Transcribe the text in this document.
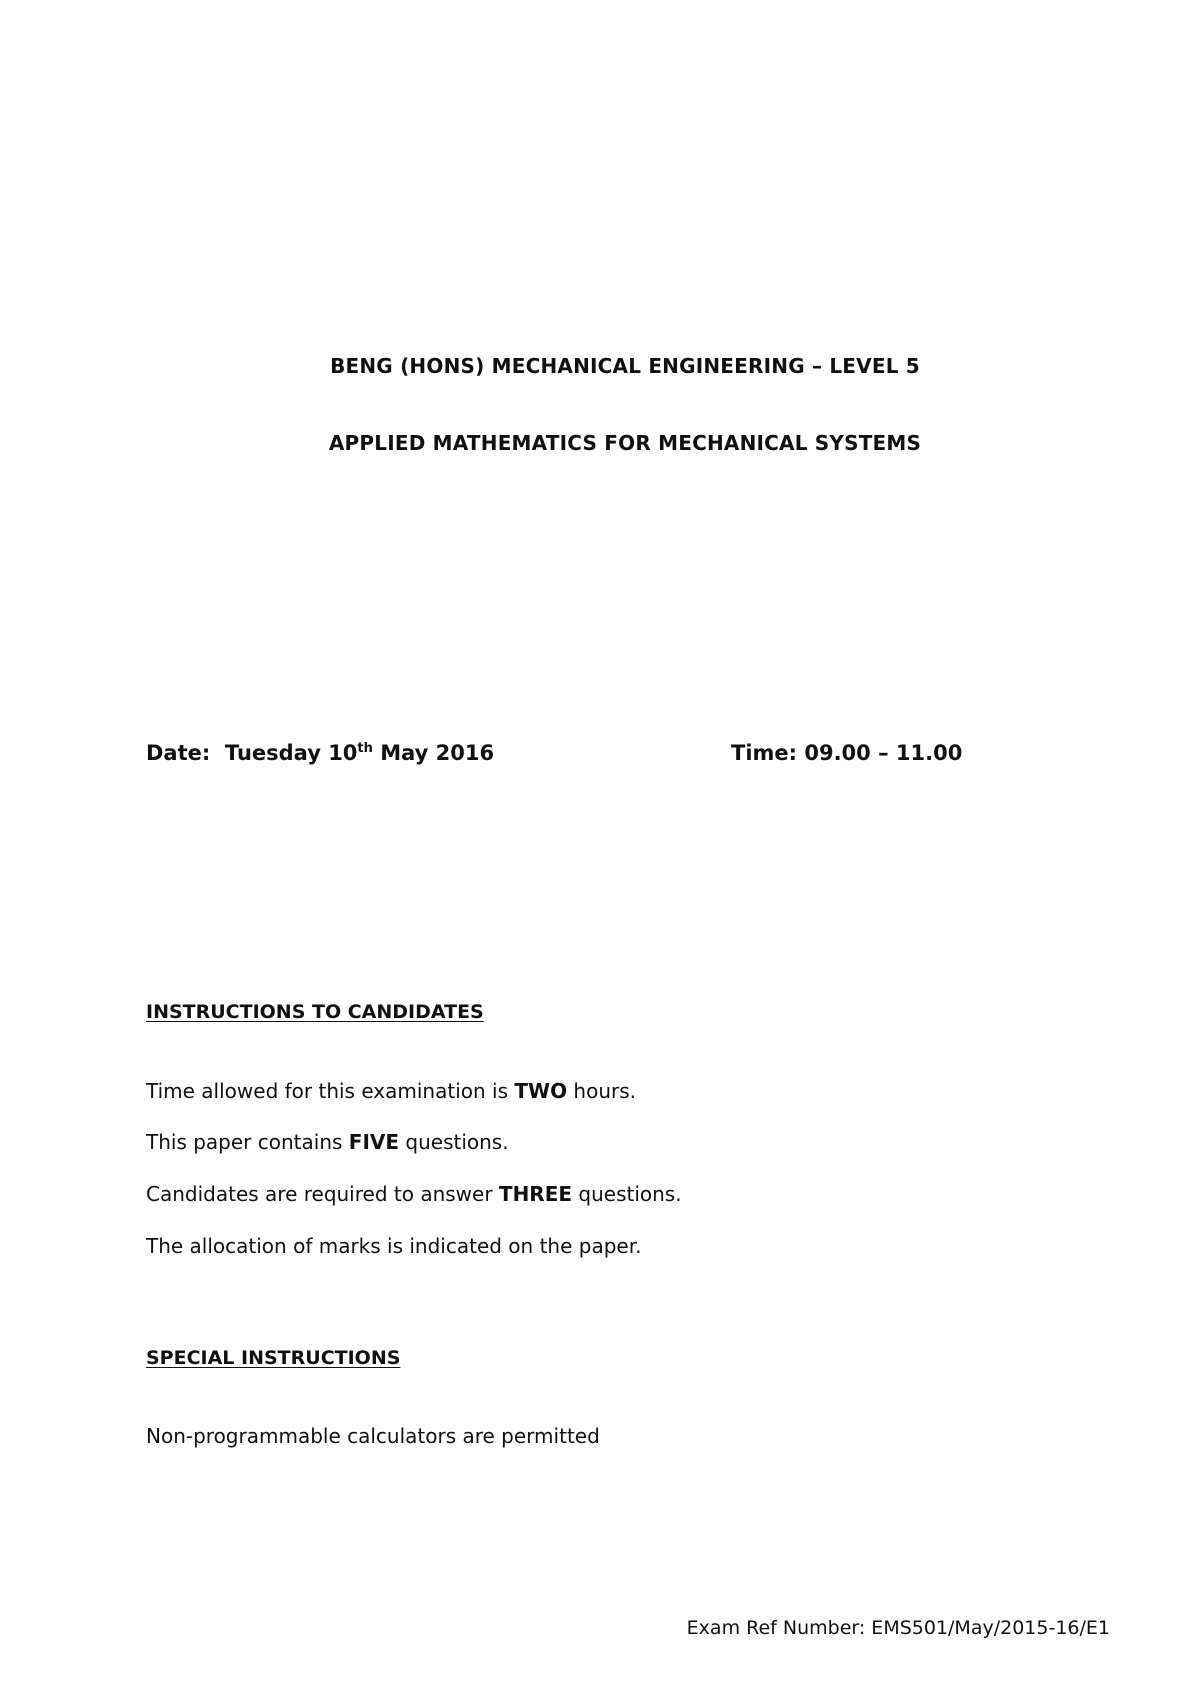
BENG (HONS) MECHANICAL ENGINEERING – LEVEL 5
APPLIED MATHEMATICS FOR MECHANICAL SYSTEMS
Date: Tuesday 10th May 2016	Time: 09.00 – 11.00
INSTRUCTIONS TO CANDIDATES
Time allowed for this examination is TWO hours.
This paper contains FIVE questions.
Candidates are required to answer THREE questions.
The allocation of marks is indicated on the paper.
SPECIAL INSTRUCTIONS
Non-programmable calculators are permitted
Exam Ref Number: EMS501/May/2015-16/E1
